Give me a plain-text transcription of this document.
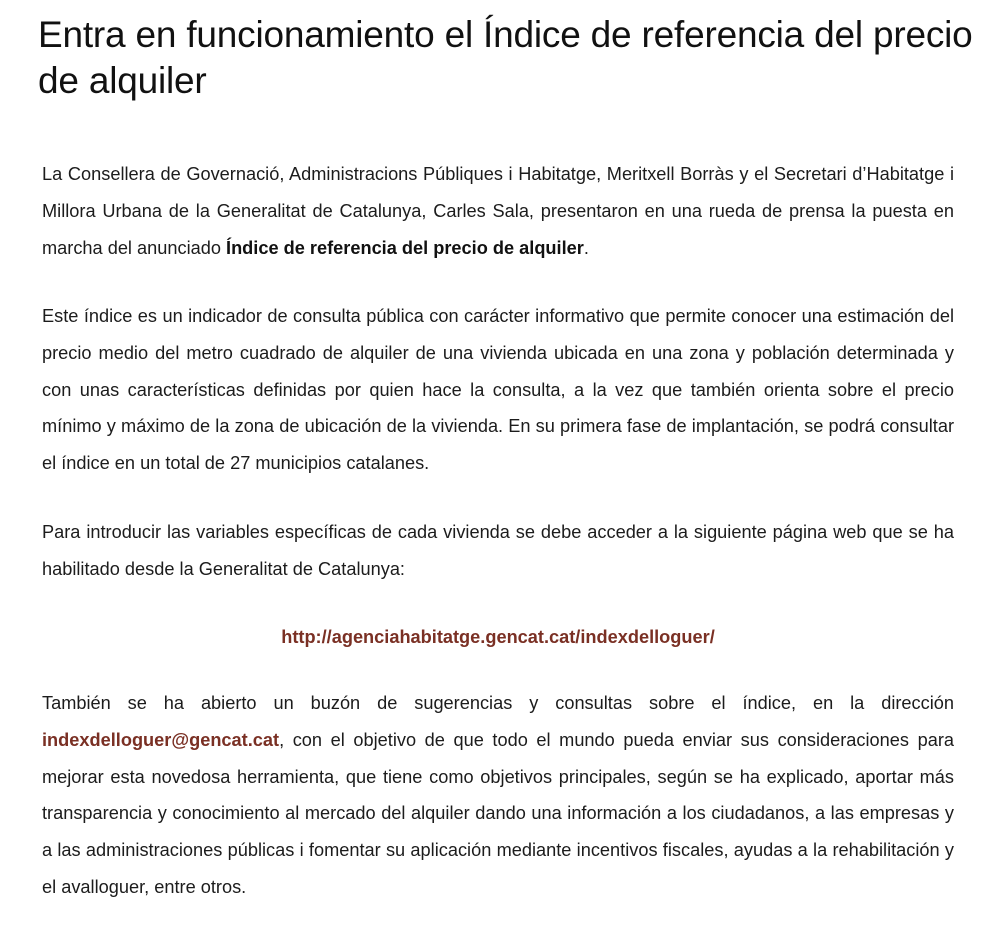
Entra en funcionamiento el Índice de referencia del precio de alquiler

La Consellera de Governació, Administracions Públiques i Habitatge, Meritxell Borràs y el Secretari d’Habitatge i Millora Urbana de la Generalitat de Catalunya, Carles Sala, presentaron en una rueda de prensa la puesta en marcha del anunciado Índice de referencia del precio de alquiler.

Este índice es un indicador de consulta pública con carácter informativo que permite conocer una estimación del precio medio del metro cuadrado de alquiler de una vivienda ubicada en una zona y población determinada y con unas características definidas por quien hace la consulta, a la vez que también orienta sobre el precio mínimo y máximo de la zona de ubicación de la vivienda. En su primera fase de implantación, se podrá consultar el índice en un total de 27 municipios catalanes.

Para introducir las variables específicas de cada vivienda se debe acceder a la siguiente página web que se ha habilitado desde la Generalitat de Catalunya:

http://agenciahabitatge.gencat.cat/indexdelloguer/

También se ha abierto un buzón de sugerencias y consultas sobre el índice, en la dirección indexdelloguer@gencat.cat, con el objetivo de que todo el mundo pueda enviar sus consideraciones para mejorar esta novedosa herramienta, que tiene como objetivos principales, según se ha explicado, aportar más transparencia y conocimiento al mercado del alquiler dando una información a los ciudadanos, a las empresas y a las administraciones públicas i fomentar su aplicación mediante incentivos fiscales, ayudas a la rehabilitación y el avalloguer, entre otros.
